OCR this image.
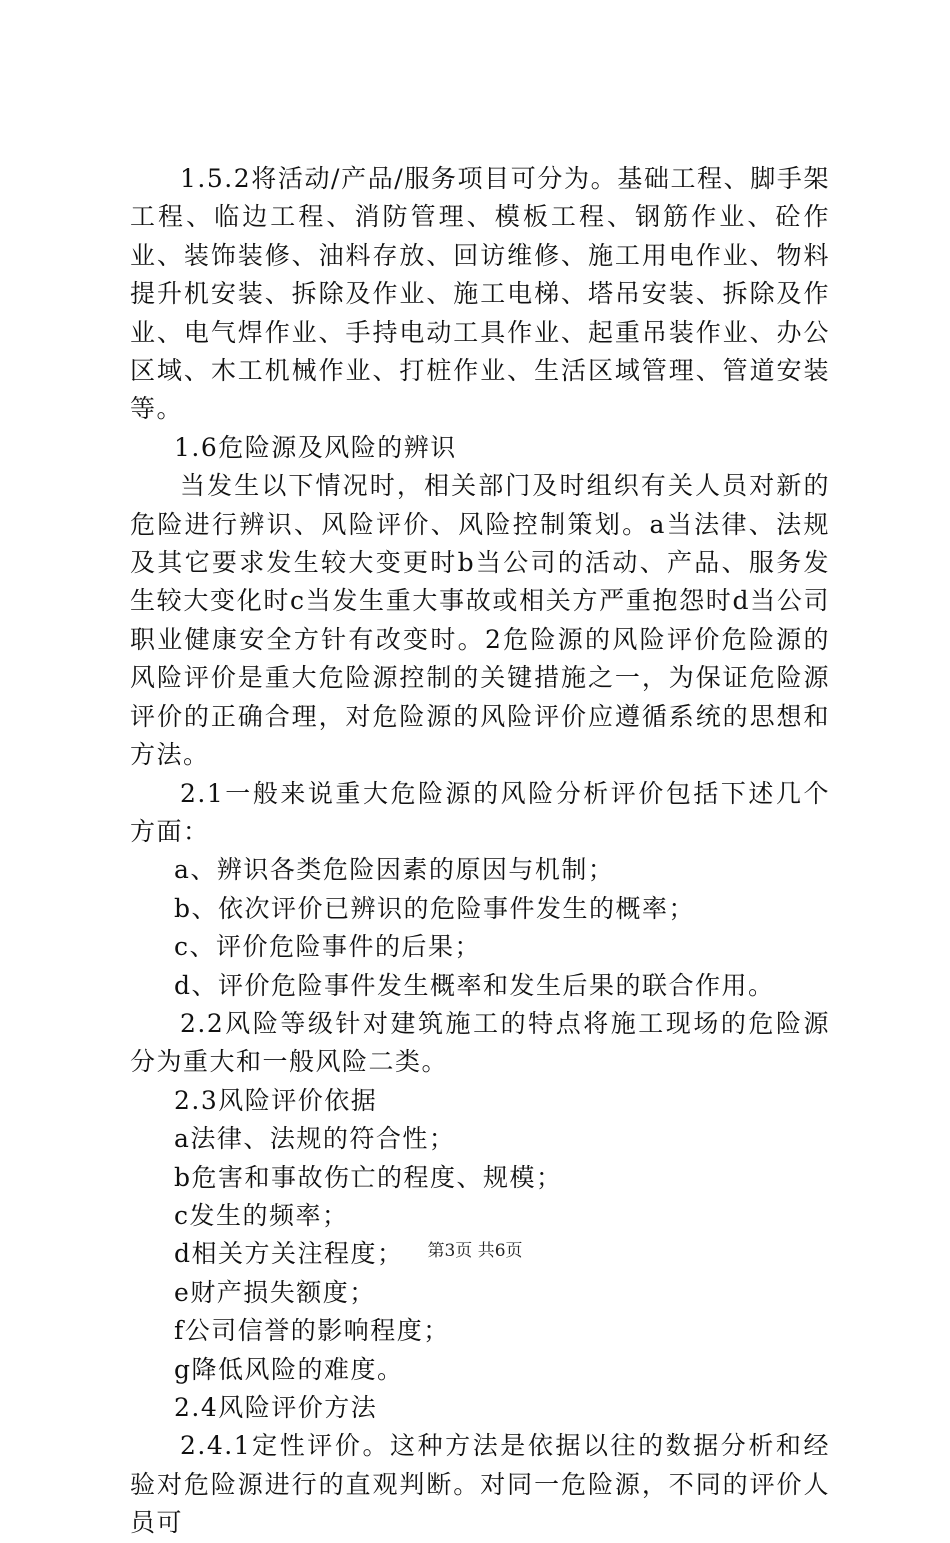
1.5.2将活动/产品/服务项目可分为。基础工程、脚手架工程、临边工程、消防管理、模板工程、钢筋作业、砼作业、装饰装修、油料存放、回访维修、施工用电作业、物料提升机安装、拆除及作业、施工电梯、塔吊安装、拆除及作业、电气焊作业、手持电动工具作业、起重吊装作业、办公区域、木工机械作业、打桩作业、生活区域管理、管道安装等。

1.6危险源及风险的辨识

当发生以下情况时，相关部门及时组织有关人员对新的危险进行辨识、风险评价、风险控制策划。a当法律、法规及其它要求发生较大变更时b当公司的活动、产品、服务发生较大变化时c当发生重大事故或相关方严重抱怨时d当公司职业健康安全方针有改变时。2危险源的风险评价危险源的风险评价是重大危险源控制的关键措施之一，为保证危险源评价的正确合理，对危险源的风险评价应遵循系统的思想和方法。

2.1一般来说重大危险源的风险分析评价包括下述几个方面：

a、辨识各类危险因素的原因与机制；

b、依次评价已辨识的危险事件发生的概率；

c、评价危险事件的后果；

d、评价危险事件发生概率和发生后果的联合作用。

2.2风险等级针对建筑施工的特点将施工现场的危险源分为重大和一般风险二类。

2.3风险评价依据

a法律、法规的符合性；

b危害和事故伤亡的程度、规模；

c发生的频率；

d相关方关注程度；

e财产损失额度；

f公司信誉的影响程度；

g降低风险的难度。

2.4风险评价方法

2.4.1定性评价。这种方法是依据以往的数据分析和经验对危险源进行的直观判断。对同一危险源，不同的评价人员可

第3页 共6页
